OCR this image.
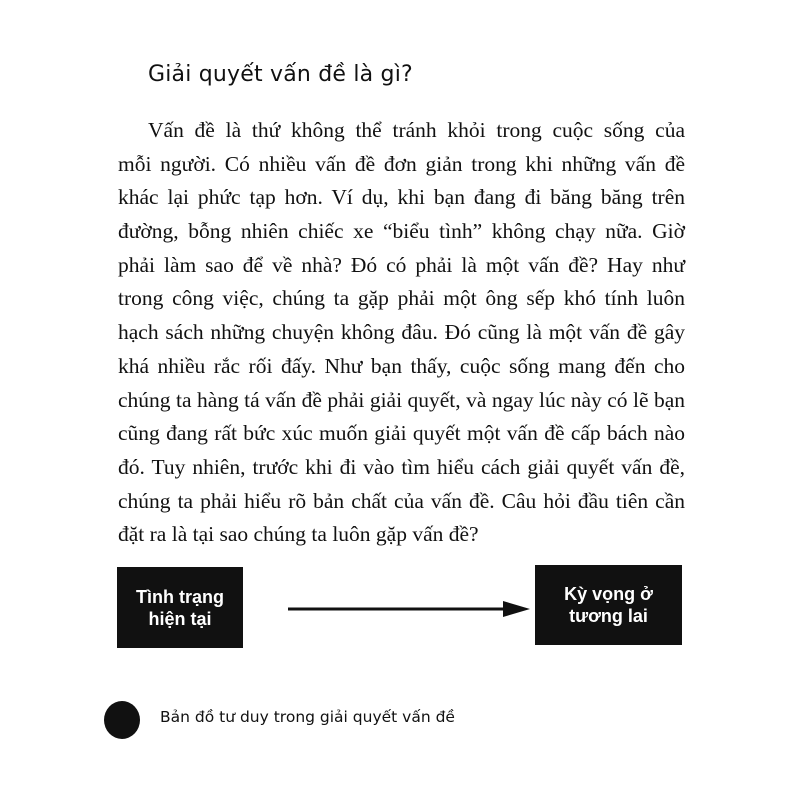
Giải quyết vấn đề là gì?
Vấn đề là thứ không thể tránh khỏi trong cuộc sống của
mỗi người. Có nhiều vấn đề đơn giản trong khi những vấn đề
khác lại phức tạp hơn. Ví dụ, khi bạn đang đi băng băng trên
đường, bỗng nhiên chiếc xe “biểu tình” không chạy nữa. Giờ
phải làm sao để về nhà? Đó có phải là một vấn đề? Hay như
trong công việc, chúng ta gặp phải một ông sếp khó tính luôn
hạch sách những chuyện không đâu. Đó cũng là một vấn đề gây
khá nhiều rắc rối đấy. Như bạn thấy, cuộc sống mang đến cho
chúng ta hàng tá vấn đề phải giải quyết, và ngay lúc này có lẽ bạn
cũng đang rất bức xúc muốn giải quyết một vấn đề cấp bách nào
đó. Tuy nhiên, trước khi đi vào tìm hiểu cách giải quyết vấn đề,
chúng ta phải hiểu rõ bản chất của vấn đề. Câu hỏi đầu tiên cần
đặt ra là tại sao chúng ta luôn gặp vấn đề?
Tình trạng
hiện tại
Kỳ vọng ở
tương lai
Bản đồ tư duy trong giải quyết vấn đề
